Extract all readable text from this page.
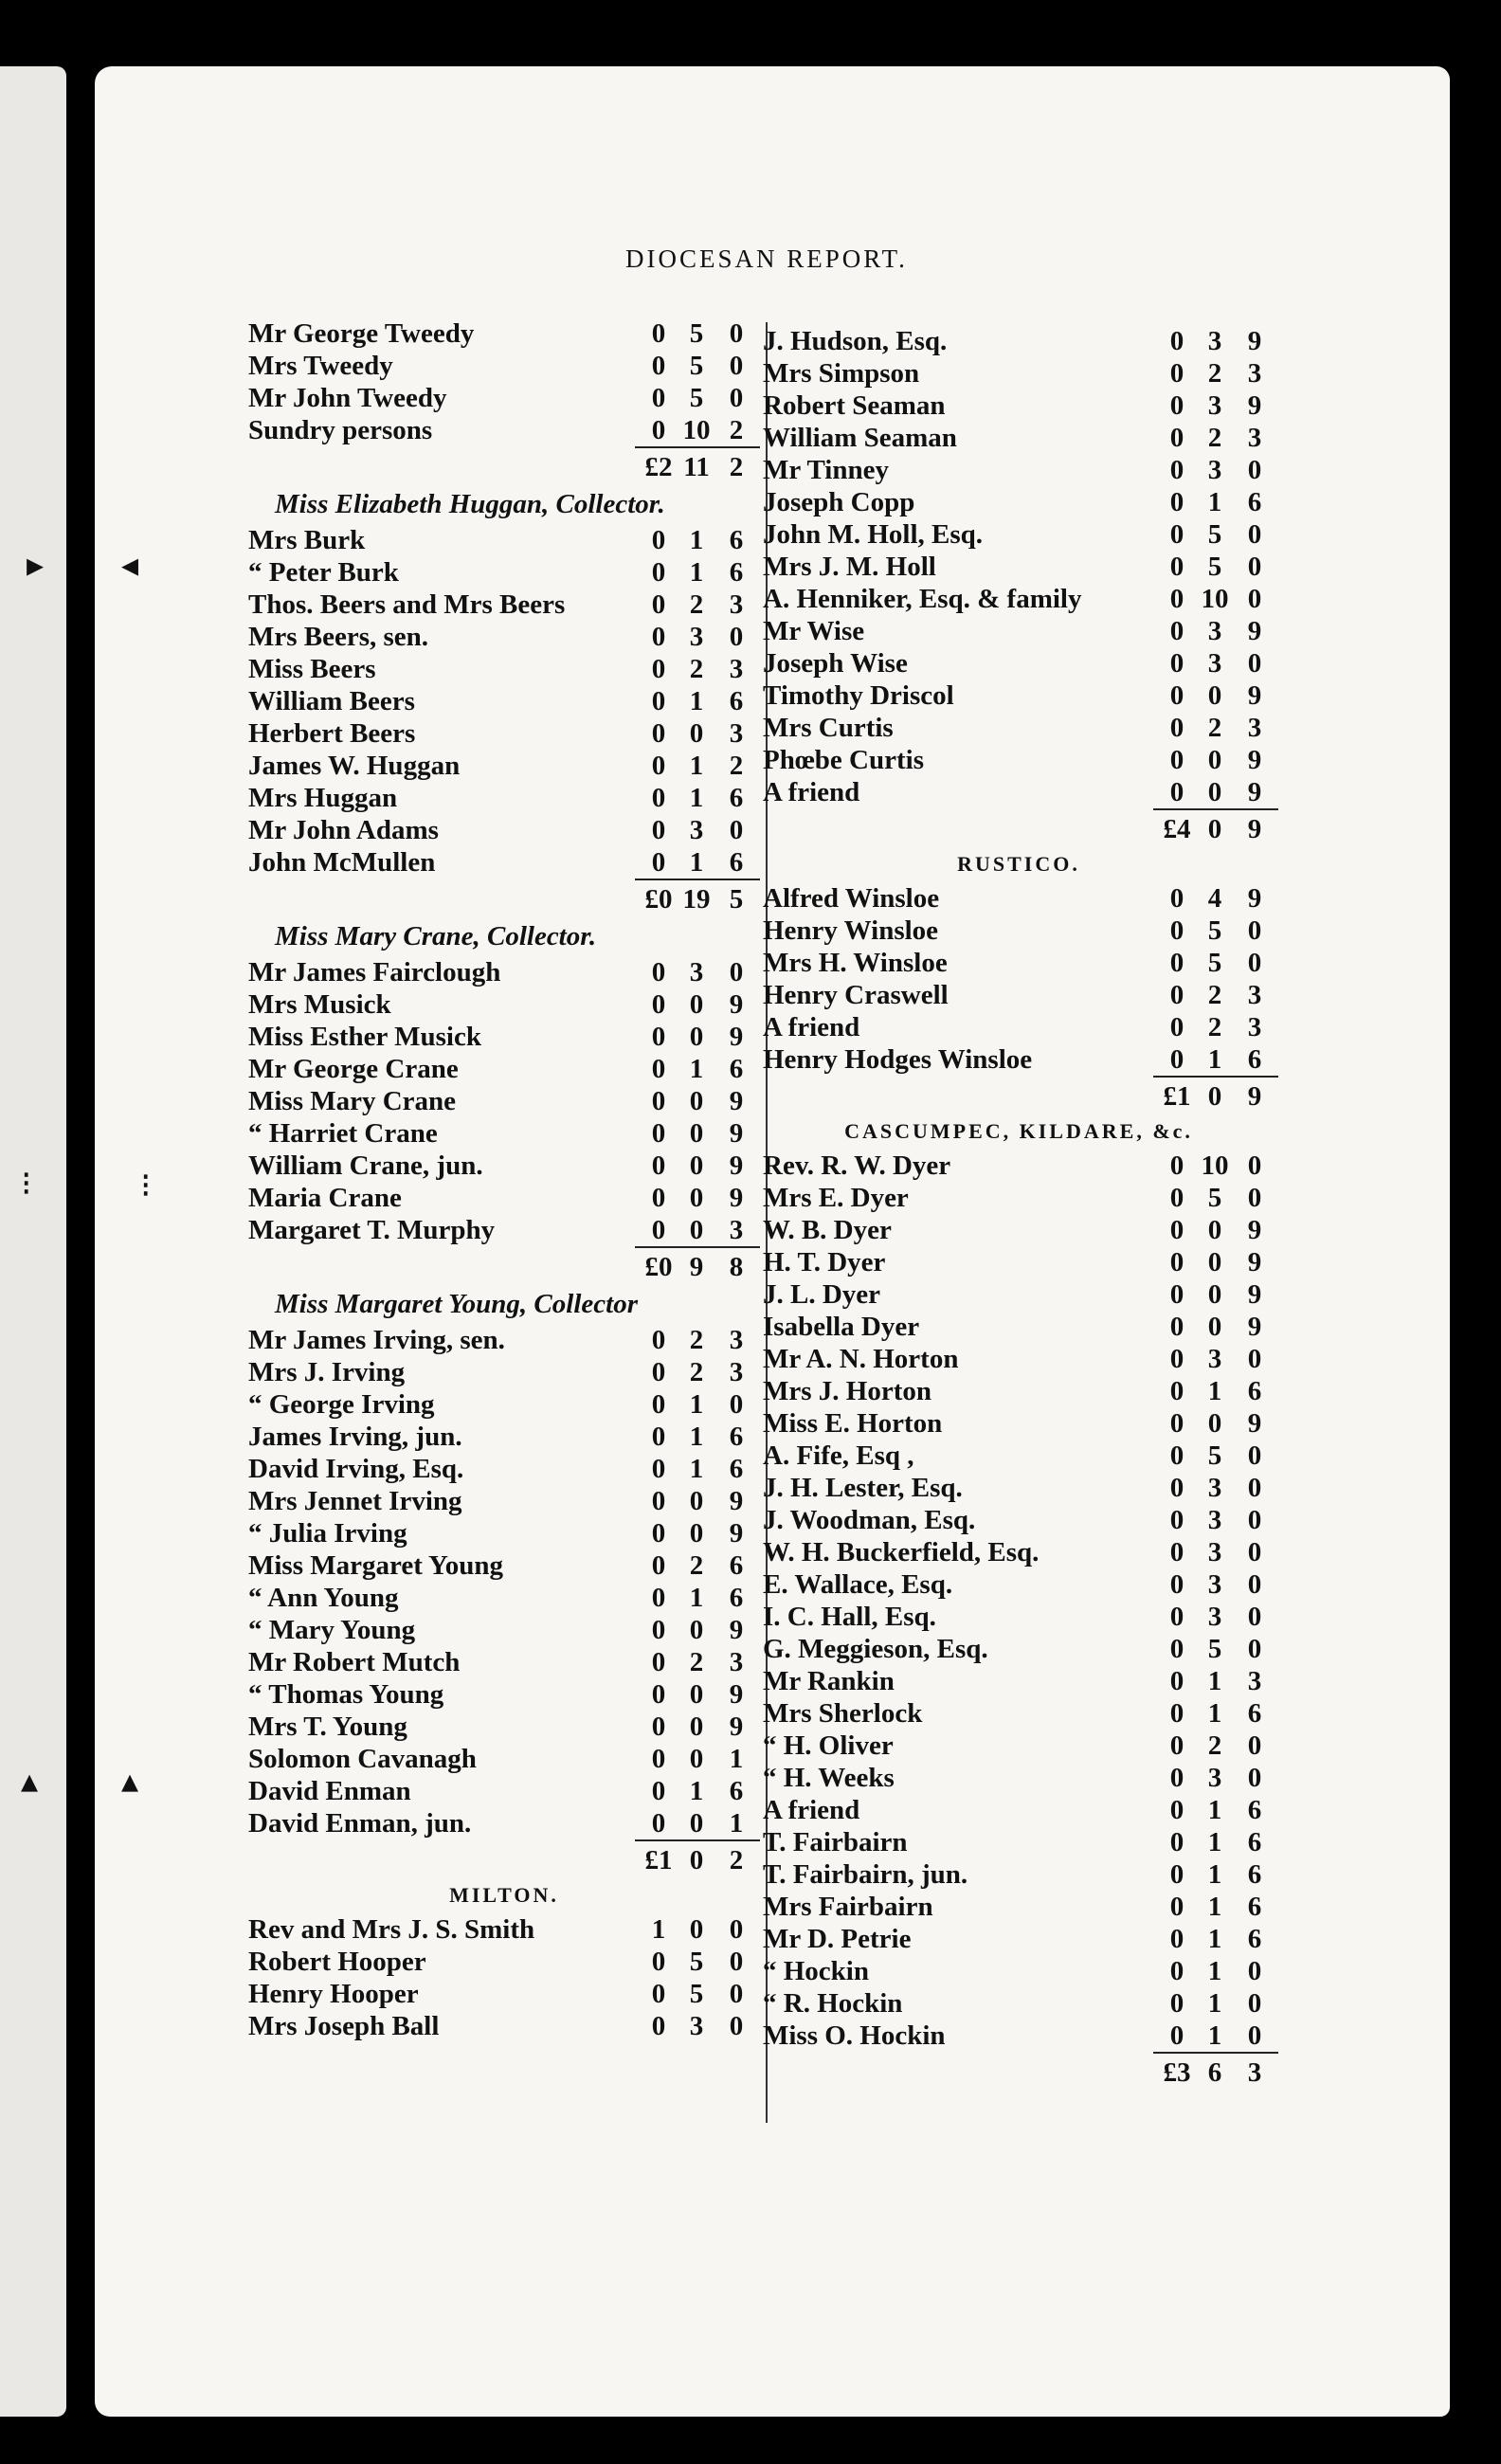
▸ ◂
⁝	⁝
▴ ▴
DIOCESAN REPORT.
Mr George Tweedy	0 5 0
Mrs Tweedy	0 5 0
Mr John Tweedy	0 5 0
Sundry persons	0 10 2
£2 11 2
Miss Elizabeth Huggan, Collector.
Mrs Burk	0 1 6
“ Peter Burk	0 1 6
Thos. Beers and Mrs Beers	0 2 3
Mrs Beers, sen.	0 3 0
Miss Beers	0 2 3
William Beers	0 1 6
Herbert Beers	0 0 3
James W. Huggan	0 1 2
Mrs Huggan	0 1 6
Mr John Adams	0 3 0
John McMullen	0 1 6
£0 19 5
Miss Mary Crane, Collector.
Mr James Fairclough	0 3 0
Mrs Musick	0 0 9
Miss Esther Musick	0 0 9
Mr George Crane	0 1 6
Miss Mary Crane	0 0 9
“ Harriet Crane	0 0 9
William Crane, jun.	0 0 9
Maria Crane	0 0 9
Margaret T. Murphy	0 0 3
£0 9 8
Miss Margaret Young, Collector
Mr James Irving, sen.	0 2 3
Mrs J. Irving	0 2 3
“ George Irving	0 1 0
James Irving, jun.	0 1 6
David Irving, Esq.	0 1 6
Mrs Jennet Irving	0 0 9
“ Julia Irving	0 0 9
Miss Margaret Young	0 2 6
“ Ann Young	0 1 6
“ Mary Young	0 0 9
Mr Robert Mutch	0 2 3
“ Thomas Young	0 0 9
Mrs T. Young	0 0 9
Solomon Cavanagh	0 0 1
David Enman	0 1 6
David Enman, jun.	0 0 1
£1 0 2
MILTON.
Rev and Mrs J. S. Smith	1 0 0
Robert Hooper	0 5 0
Henry Hooper	0 5 0
Mrs Joseph Ball	0 3 0
J. Hudson, Esq.	0 3 9
Mrs Simpson	0 2 3
Robert Seaman	0 3 9
William Seaman	0 2 3
Mr Tinney	0 3 0
Joseph Copp	0 1 6
John M. Holl, Esq.	0 5 0
Mrs J. M. Holl	0 5 0
A. Henniker, Esq. & family	0 10 0
Mr Wise	0 3 9
Joseph Wise	0 3 0
Timothy Driscol	0 0 9
Mrs Curtis	0 2 3
Phœbe Curtis	0 0 9
A friend	0 0 9
£4 0 9
RUSTICO.
Alfred Winsloe	0 4 9
Henry Winsloe	0 5 0
Mrs H. Winsloe	0 5 0
Henry Craswell	0 2 3
A friend	0 2 3
Henry Hodges Winsloe	0 1 6
£1 0 9
CASCUMPEC, KILDARE, &c.
Rev. R. W. Dyer	0 10 0
Mrs E. Dyer	0 5 0
W. B. Dyer	0 0 9
H. T. Dyer	0 0 9
J. L. Dyer	0 0 9
Isabella Dyer	0 0 9
Mr A. N. Horton	0 3 0
Mrs J. Horton	0 1 6
Miss E. Horton	0 0 9
A. Fife, Esq ,	0 5 0
J. H. Lester, Esq.	0 3 0
J. Woodman, Esq.	0 3 0
W. H. Buckerfield, Esq.	0 3 0
E. Wallace, Esq.	0 3 0
I. C. Hall, Esq.	0 3 0
G. Meggieson, Esq.	0 5 0
Mr Rankin	0 1 3
Mrs Sherlock	0 1 6
“ H. Oliver	0 2 0
“ H. Weeks	0 3 0
A friend	0 1 6
T. Fairbairn	0 1 6
T. Fairbairn, jun.	0 1 6
Mrs Fairbairn	0 1 6
Mr D. Petrie	0 1 6
“ Hockin	0 1 0
“ R. Hockin	0 1 0
Miss O. Hockin	0 1 0
£3 6 3
